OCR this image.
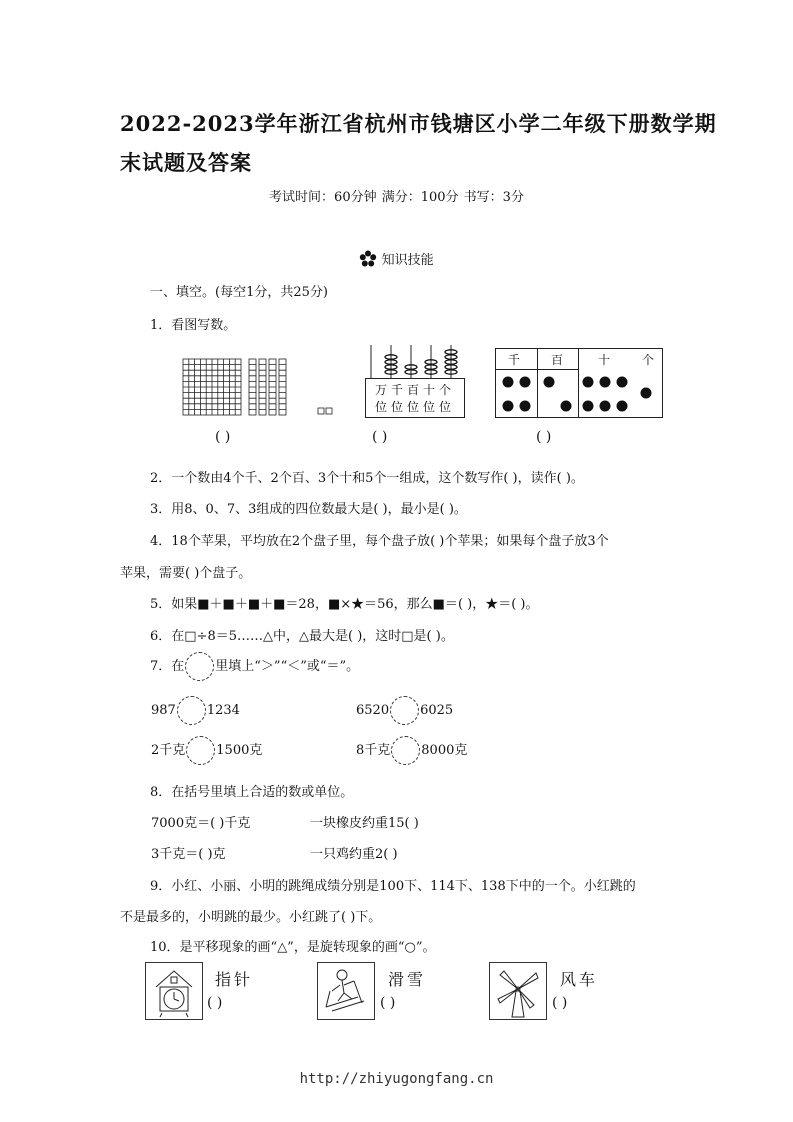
2022-2023学年浙江省杭州市钱塘区小学二年级下册数学期
末试题及答案
考试时间：60分钟 满分：100分 书写：3分
知识技能
一、填空。(每空1分，共25分)
1．看图写数。
万千百十个
位位位位位
千	百	十	个
( )	( )	( )
2．一个数由4个千、2个百、3个十和5个一组成，这个数写作( )，读作( )。
3．用8、0、7、3组成的四位数最大是( )，最小是( )。
4．18个苹果，平均放在2个盘子里，每个盘子放( )个苹果；如果每个盘子放3个
苹果，需要( )个盘子。
5．如果■＋■＋■＋■＝28，■×★＝56，那么■＝( )，★＝( )。
6．在□÷8＝5……△中，△最大是( )，这时□是( )。
7．在 里填上“＞”“＜”或“＝”。
987 1234	6520 6025
2千克 1500克	8千克 8000克
8．在括号里填上合适的数或单位。
7000克＝( )千克	一块橡皮约重15( )
3千克＝( )克	一只鸡约重2( )
9．小红、小丽、小明的跳绳成绩分别是100下、114下、138下中的一个。小红跳的
不是最多的，小明跳的最少。小红跳了( )下。
10．是平移现象的画“△”，是旋转现象的画“○”。
指针
( )
滑雪
( )
风车
( )
http://zhiyugongfang.cn
